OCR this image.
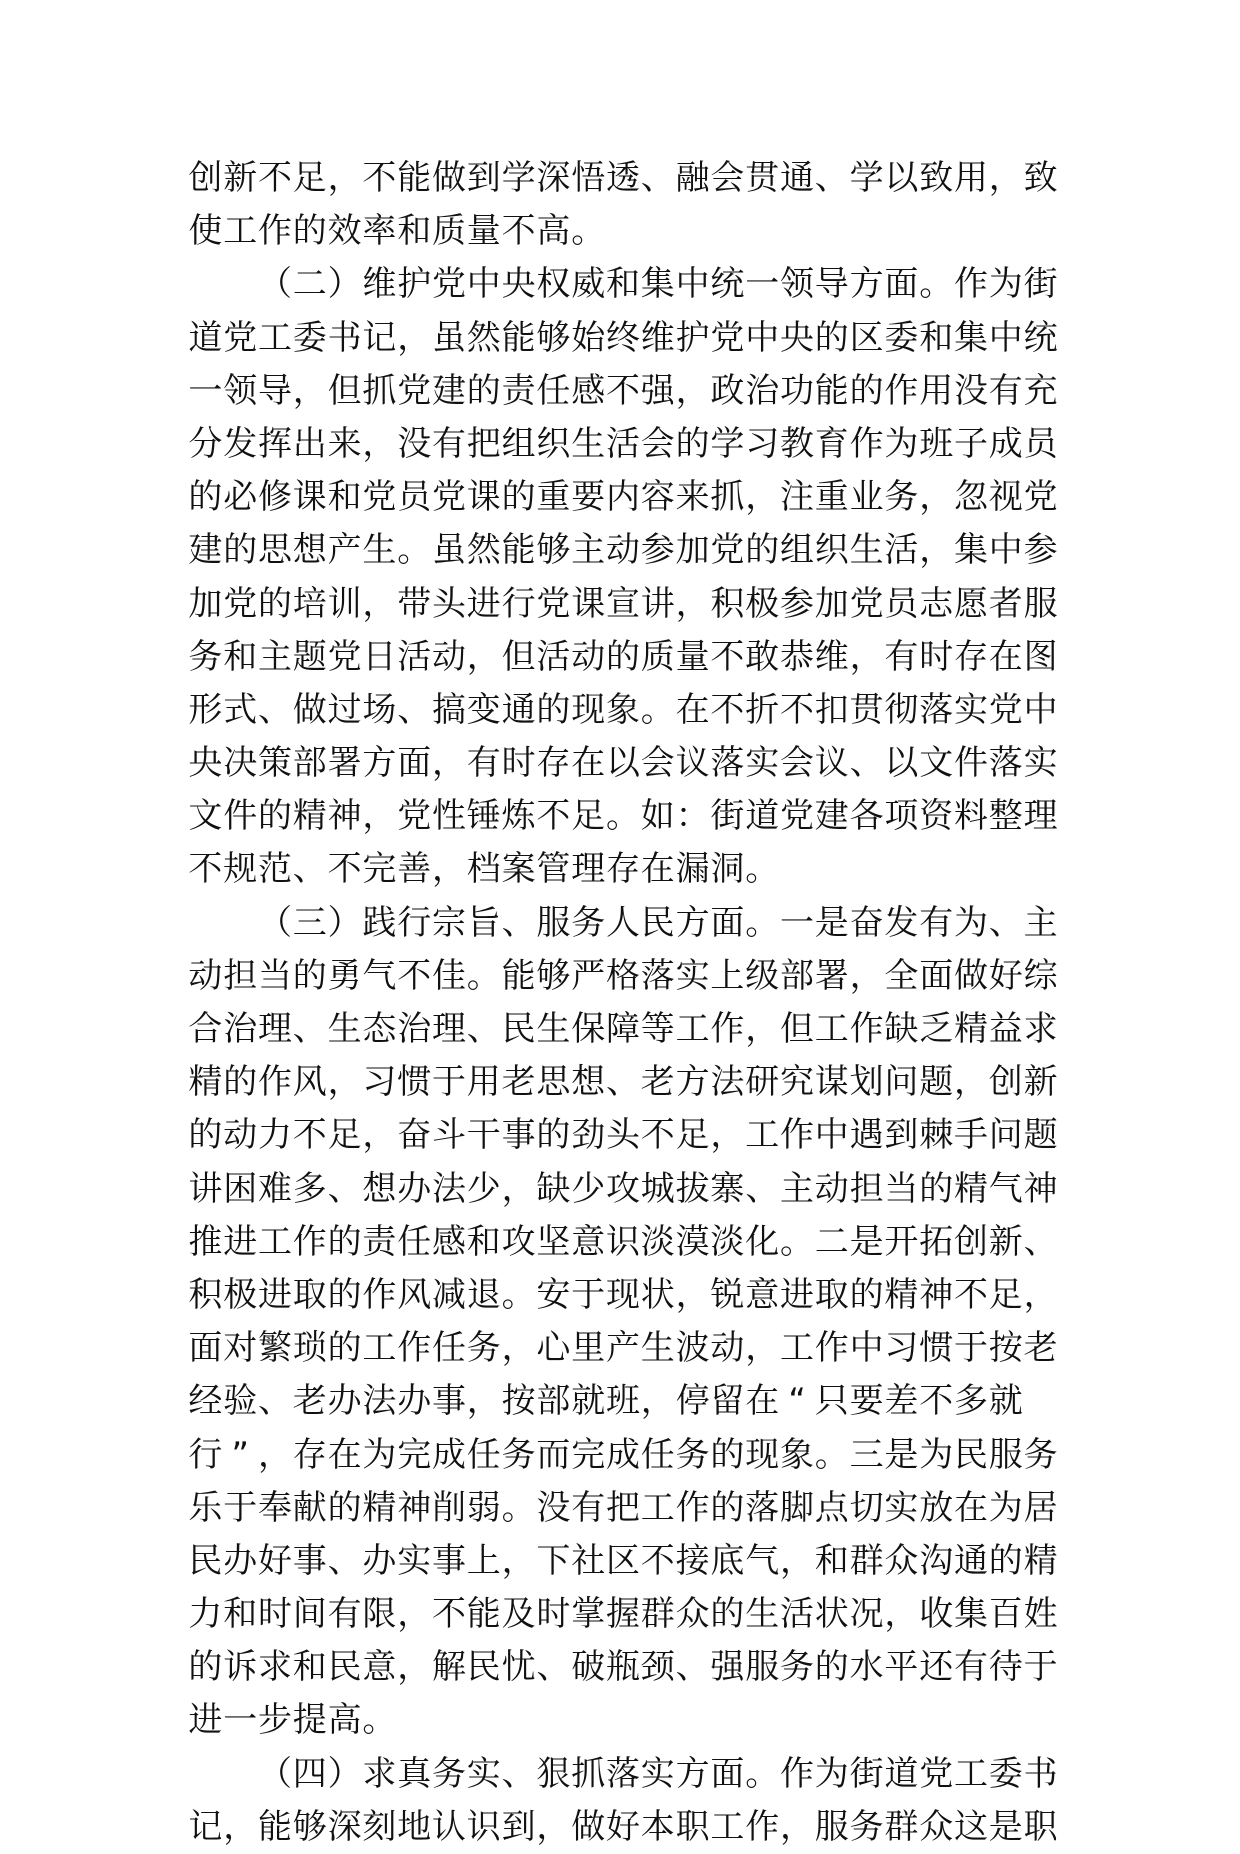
创 新 不 足 ， 不 能 做 到 学 深 悟 透 、 融 会 贯 通 、 学 以 致 用 ， 致
使 工 作 的 效 率 和 质 量 不 高 。
（ 二 ） 维 护 党 中 央 权 威 和 集 中 统 一 领 导 方 面 。 作 为 街
道 党 工 委 书 记 ， 虽 然 能 够 始 终 维 护 党 中 央 的 区 委 和 集 中 统
一 领 导 ， 但 抓 党 建 的 责 任 感 不 强 ， 政 治 功 能 的 作 用 没 有 充
分 发 挥 出 来 ， 没 有 把 组 织 生 活 会 的 学 习 教 育 作 为 班 子 成 员
的 必 修 课 和 党 员 党 课 的 重 要 内 容 来 抓 ， 注 重 业 务 ， 忽 视 党
建 的 思 想 产 生 。 虽 然 能 够 主 动 参 加 党 的 组 织 生 活 ， 集 中 参
加 党 的 培 训 ， 带 头 进 行 党 课 宣 讲 ， 积 极 参 加 党 员 志 愿 者 服
务 和 主 题 党 日 活 动 ， 但 活 动 的 质 量 不 敢 恭 维 ， 有 时 存 在 图
形 式 、 做 过 场 、 搞 变 通 的 现 象 。 在 不 折 不 扣 贯 彻 落 实 党 中
央 决 策 部 署 方 面 ， 有 时 存 在 以 会 议 落 实 会 议 、 以 文 件 落 实
文 件 的 精 神 ， 党 性 锤 炼 不 足 。 如 ： 街 道 党 建 各 项 资 料 整 理
不 规 范 、 不 完 善 ， 档 案 管 理 存 在 漏 洞 。
（ 三 ） 践 行 宗 旨 、 服 务 人 民 方 面 。 一 是 奋 发 有 为 、 主
动 担 当 的 勇 气 不 佳 。 能 够 严 格 落 实 上 级 部 署 ， 全 面 做 好 综
合 治 理 、 生 态 治 理 、 民 生 保 障 等 工 作 ， 但 工 作 缺 乏 精 益 求
精 的 作 风 ， 习 惯 于 用 老 思 想 、 老 方 法 研 究 谋 划 问 题 ， 创 新
的 动 力 不 足 ， 奋 斗 干 事 的 劲 头 不 足 ， 工 作 中 遇 到 棘 手 问 题
讲 困 难 多 、 想 办 法 少 ， 缺 少 攻 城 拔 寨 、 主 动 担 当 的 精 气 神
推 进 工 作 的 责 任 感 和 攻 坚 意 识 淡 漠 淡 化 。 二 是 开 拓 创 新 、
积 极 进 取 的 作 风 减 退 。 安 于 现 状 ， 锐 意 进 取 的 精 神 不 足 ，
面 对 繁 琐 的 工 作 任 务 ， 心 里 产 生 波 动 ， 工 作 中 习 惯 于 按 老
经 验 、 老 办 法 办 事 ， 按 部 就 班 ， 停 留 在 “ 只 要 差 不 多 就
行 ” ， 存 在 为 完 成 任 务 而 完 成 任 务 的 现 象 。 三 是 为 民 服 务
乐 于 奉 献 的 精 神 削 弱 。 没 有 把 工 作 的 落 脚 点 切 实 放 在 为 居
民 办 好 事 、 办 实 事 上 ， 下 社 区 不 接 底 气 ， 和 群 众 沟 通 的 精
力 和 时 间 有 限 ， 不 能 及 时 掌 握 群 众 的 生 活 状 况 ， 收 集 百 姓
的 诉 求 和 民 意 ， 解 民 忧 、 破 瓶 颈 、 强 服 务 的 水 平 还 有 待 于
进 一 步 提 高 。
（ 四 ） 求 真 务 实 、 狠 抓 落 实 方 面 。 作 为 街 道 党 工 委 书
记 ， 能 够 深 刻 地 认 识 到 ， 做 好 本 职 工 作 ， 服 务 群 众 这 是 职
